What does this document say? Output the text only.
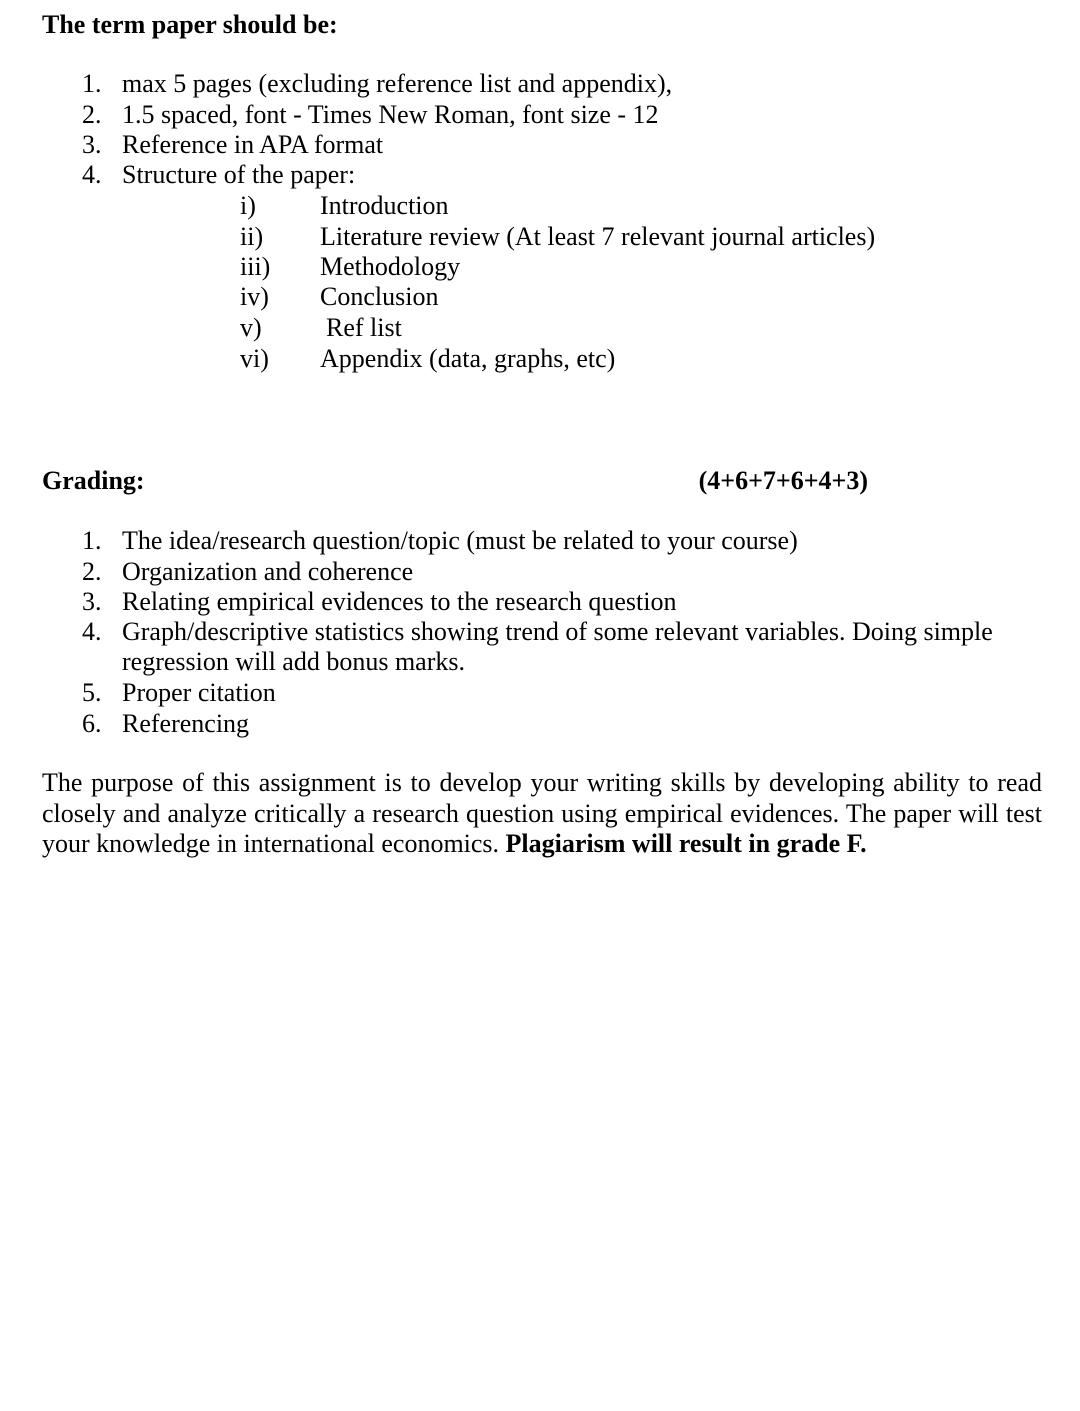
The term paper should be:
1. max 5 pages (excluding reference list and appendix),
2. 1.5 spaced, font - Times New Roman, font size - 12
3. Reference in APA format
4. Structure of the paper:
i)	Introduction
ii)	Literature review (At least 7 relevant journal articles)
iii)	Methodology
iv)	Conclusion
v)	Ref list
vi)	Appendix (data, graphs, etc)
Grading:	(4+6+7+6+4+3)
1. The idea/research question/topic (must be related to your course)
2. Organization and coherence
3. Relating empirical evidences to the research question
4. Graph/descriptive statistics showing trend of some relevant variables. Doing simple regression will add bonus marks.
5. Proper citation
6. Referencing

The purpose of this assignment is to develop your writing skills by developing ability to read closely and analyze critically a research question using empirical evidences. The paper will test your knowledge in international economics. Plagiarism will result in grade F.
